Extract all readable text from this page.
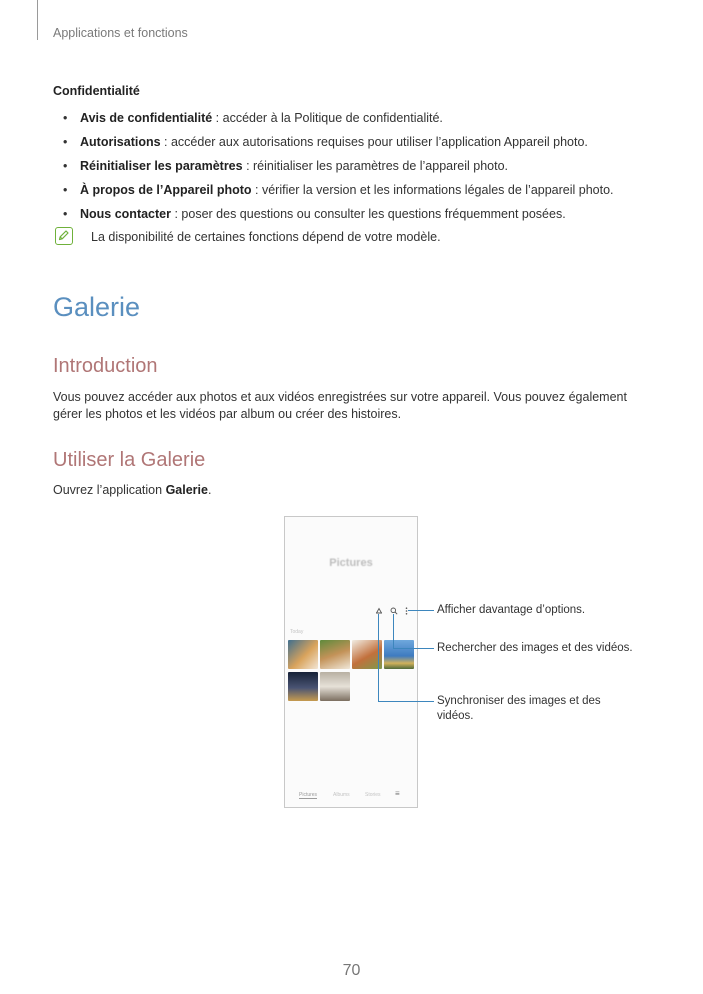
Applications et fonctions
Confidentialité
• Avis de confidentialité : accéder à la Politique de confidentialité.
• Autorisations : accéder aux autorisations requises pour utiliser l’application Appareil photo.
• Réinitialiser les paramètres : réinitialiser les paramètres de l’appareil photo.
• À propos de l’Appareil photo : vérifier la version et les informations légales de l’appareil photo.
• Nous contacter : poser des questions ou consulter les questions fréquemment posées.
La disponibilité de certaines fonctions dépend de votre modèle.
Galerie
Introduction
Vous pouvez accéder aux photos et aux vidéos enregistrées sur votre appareil. Vous pouvez également gérer les photos et les vidéos par album ou créer des histoires.
Utiliser la Galerie
Ouvrez l’application Galerie.
Pictures
Today
Pictures	Albums	Stories ≡
Afficher davantage d’options.
Rechercher des images et des vidéos.
Synchroniser des images et des vidéos.
70
